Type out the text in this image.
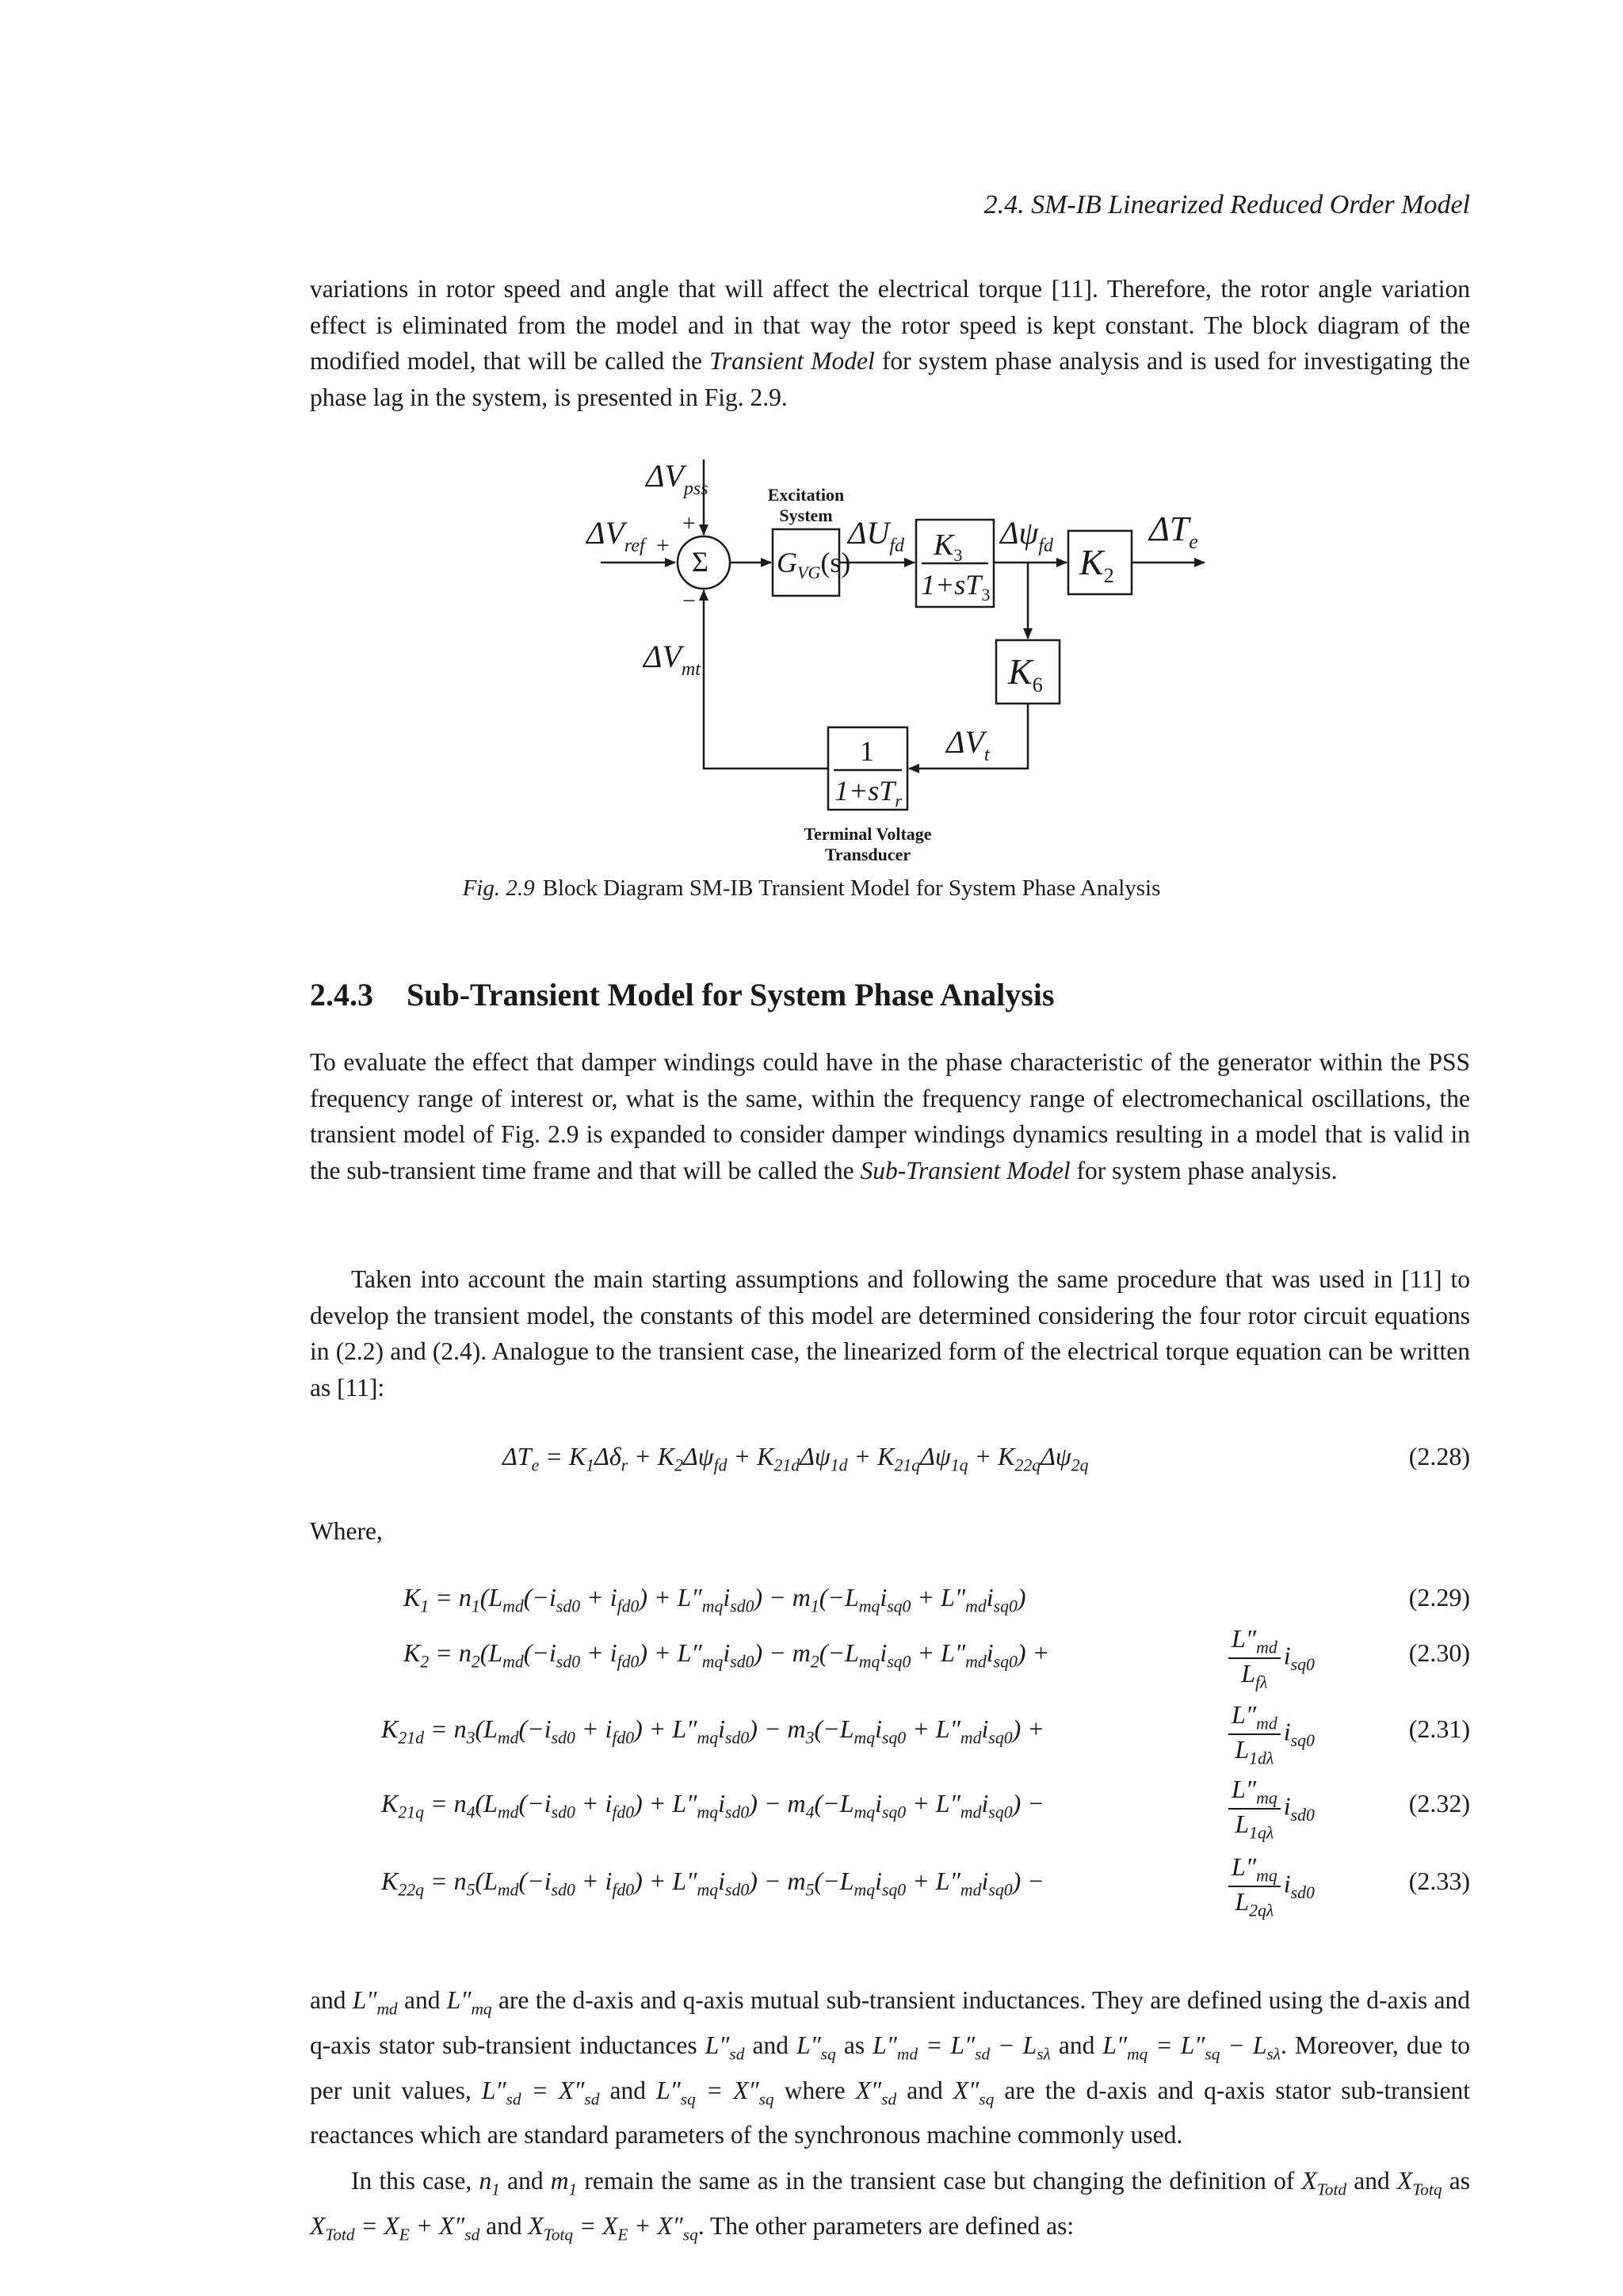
2.4. SM-IB Linearized Reduced Order Model

variations in rotor speed and angle that will affect the electrical torque [11]. Therefore, the rotor angle variation effect is eliminated from the model and in that way the rotor speed is kept constant. The block diagram of the modified model, that will be called the Transient Model for system phase analysis and is used for investigating the phase lag in the system, is presented in Fig. 2.9.

$\Delta V_{pss}$
$\Delta V_{ref}$
$\Delta V_{mt}$
$\Delta U_{fd}$	$\Delta\psi_{fd}$	$\Delta T_e$
$\Delta V_t$
$G_{VG}(s)$
$K_3$
$1+sT_3$
$K_2$
$K_6$
1
$1+sT_r$
Σ
+
+
−
Excitation
System
Terminal Voltage
Transducer
Fig. 2.9 Block Diagram SM-IB Transient Model for System Phase Analysis
2.4.3 Sub-Transient Model for System Phase Analysis

To evaluate the effect that damper windings could have in the phase characteristic of the generator within the PSS frequency range of interest or, what is the same, within the frequency range of electromechanical oscillations, the transient model of Fig. 2.9 is expanded to consider damper windings dynamics resulting in a model that is valid in the sub-transient time frame and that will be called the Sub-Transient Model for system phase analysis.

Taken into account the main starting assumptions and following the same procedure that was used in [11] to develop the transient model, the constants of this model are determined considering the four rotor circuit equations in (2.2) and (2.4). Analogue to the transient case, the linearized form of the electrical torque equation can be written as [11]:

$\Delta T_e = K_1\Delta\delta_r + K_2\Delta\psi_{fd} + K_{21d}\Delta\psi_{1d} + K_{21q}\Delta\psi_{1q} + K_{22q}\Delta\psi_{2q}$	(2.28)
Where,
$K_1 = n_1(L_{md}(-i_{sd0} + i_{fd0}) + L''_{mq}i_{sd0}) - m_1(-L_{mq}i_{sq0} + L''_{md}i_{sq0})$	(2.29)
$K_2 = n_2(L_{md}(-i_{sd0} + i_{fd0}) + L''_{mq}i_{sd0}) - m_2(-L_{mq}i_{sq0} + L''_{md}i_{sq0})$ +	$\frac{L''_{md}}{L_{f\lambda}} i_{sq0}$	(2.30)
$K_{21d} = n_3(L_{md}(-i_{sd0} + i_{fd0}) + L''_{mq}i_{sd0}) - m_3(-L_{mq}i_{sq0} + L''_{md}i_{sq0})$ +	$\frac{L''_{md}}{L_{1d\lambda}} i_{sq0}$	(2.31)
$K_{21q} = n_4(L_{md}(-i_{sd0} + i_{fd0}) + L''_{mq}i_{sd0}) - m_4(-L_{mq}i_{sq0} + L''_{md}i_{sq0})$ −	$\frac{L''_{mq}}{L_{1q\lambda}} i_{sd0}$	(2.32)
$K_{22q} = n_5(L_{md}(-i_{sd0} + i_{fd0}) + L''_{mq}i_{sd0}) - m_5(-L_{mq}i_{sq0} + L''_{md}i_{sq0})$ −	$\frac{L''_{mq}}{L_{2q\lambda}} i_{sd0}$	(2.33)

and $L''_{md}$ and $L''_{mq}$ are the d-axis and q-axis mutual sub-transient inductances. They are defined using the d-axis and q-axis stator sub-transient inductances $L''_{sd}$ and $L''_{sq}$ as $L''_{md} = L''_{sd} - L_{s\lambda}$ and $L''_{mq} = L''_{sq} - L_{s\lambda}$. Moreover, due to per unit values, $L''_{sd} = X''_{sd}$ and $L''_{sq} = X''_{sq}$ where $X''_{sd}$ and $X''_{sq}$ are the d-axis and q-axis stator sub-transient reactances which are standard parameters of the synchronous machine commonly used.

In this case, $n_1$ and $m_1$ remain the same as in the transient case but changing the definition of $X_{Totd}$ and $X_{Totq}$ as $X_{Totd} = X_E + X''_{sd}$ and $X_{Totq} = X_E + X''_{sq}$. The other parameters are defined as:
